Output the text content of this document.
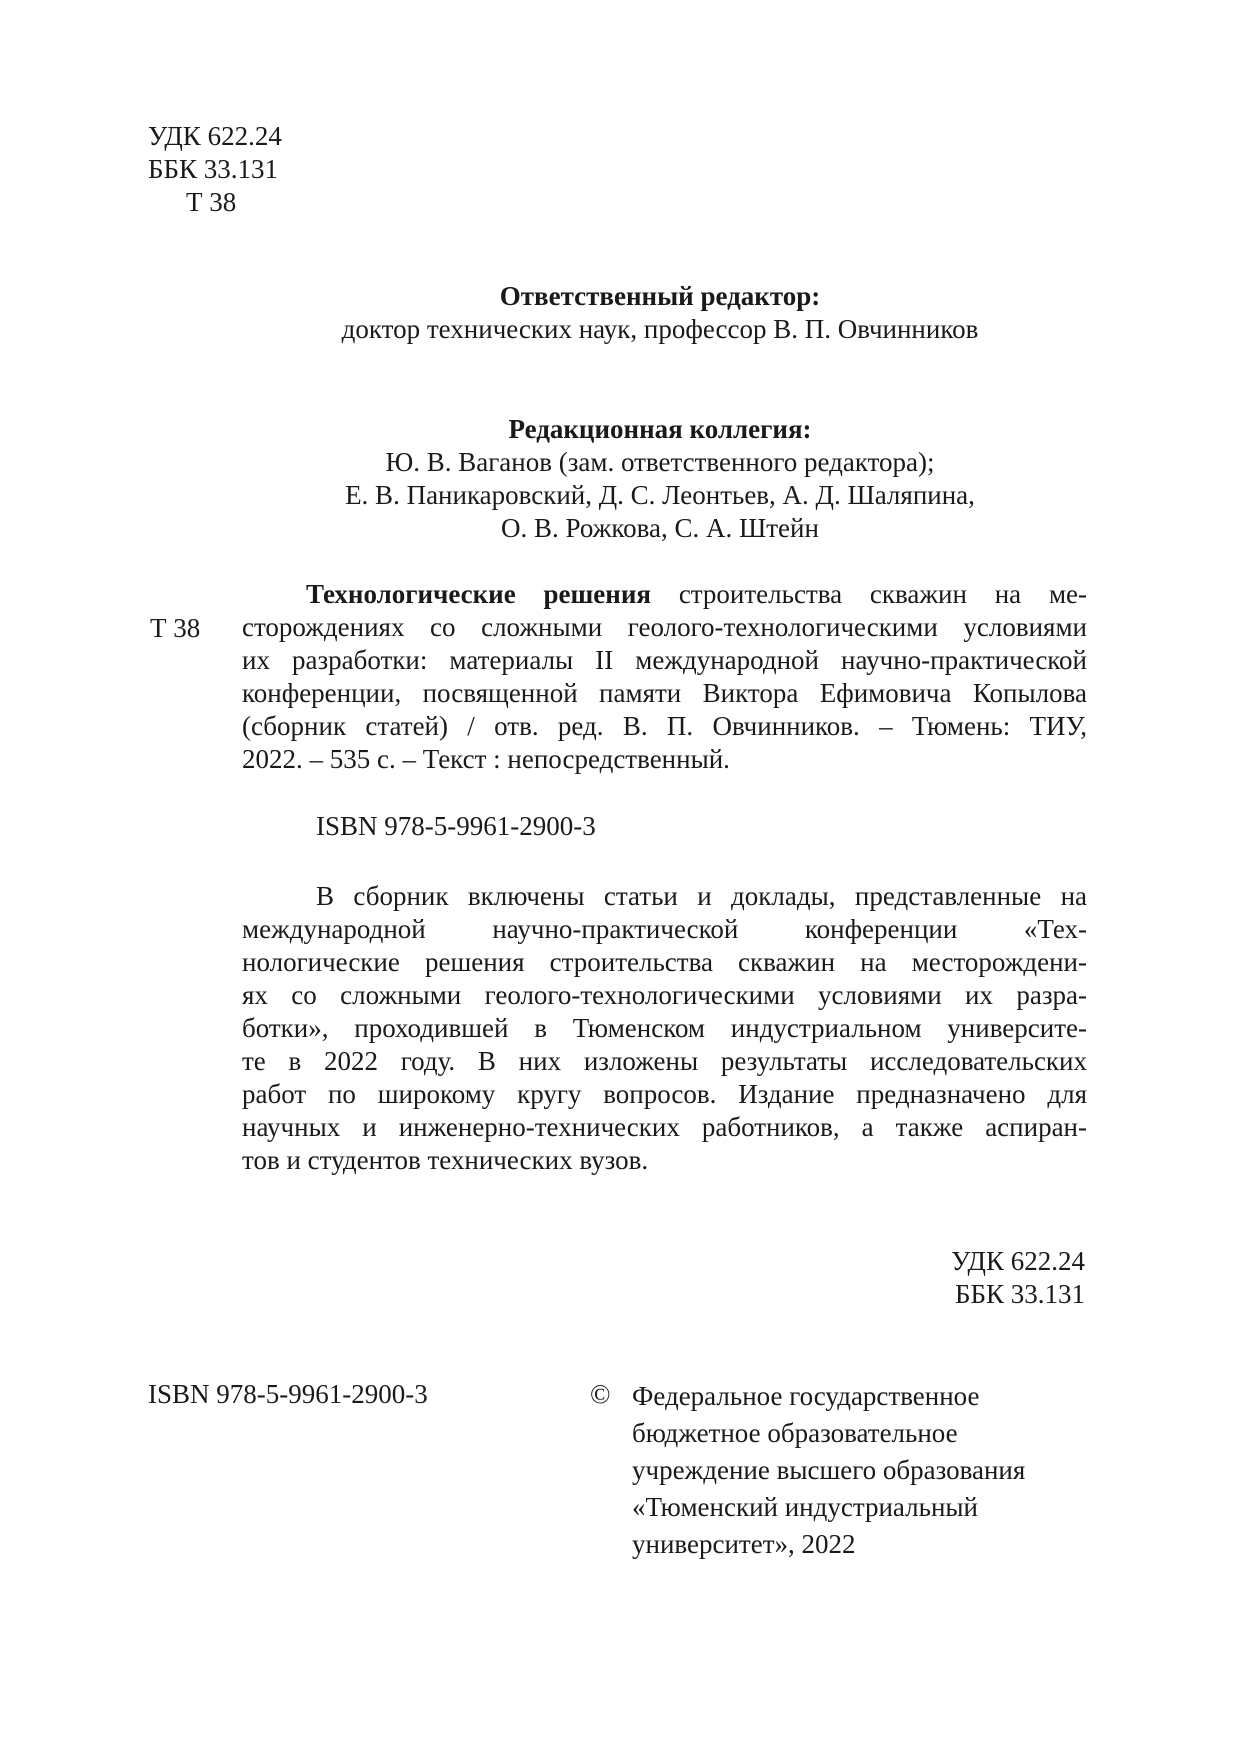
УДК 622.24
ББК 33.131
Т 38
Ответственный редактор:
доктор технических наук, профессор В. П. Овчинников
Редакционная коллегия:
Ю. В. Ваганов (зам. ответственного редактора);
Е. В. Паникаровский, Д. С. Леонтьев, А. Д. Шаляпина,
О. В. Рожкова, С. А. Штейн
Т 38
Технологические решения строительства скважин на ме-
сторождениях со сложными геолого-технологическими условиями
их разработки: материалы II международной научно-практической
конференции, посвященной памяти Виктора Ефимовича Копылова
(сборник статей) / отв. ред. В. П. Овчинников. – Тюмень: ТИУ,
2022. – 535 с. – Текст : непосредственный.
ISBN 978-5-9961-2900-3
В сборник включены статьи и доклады, представленные на
международной научно-практической конференции «Тех-
нологические решения строительства скважин на месторождени-
ях со сложными геолого-технологическими условиями их разра-
ботки», проходившей в Тюменском индустриальном университе-
те в 2022 году. В них изложены результаты исследовательских
работ по широкому кругу вопросов. Издание предназначено для
научных и инженерно-технических работников, а также аспиран-
тов и студентов технических вузов.
УДК 622.24
ББК 33.131
ISBN 978-5-9961-2900-3	© Федеральное государственное
бюджетное образовательное
учреждение высшего образования
«Тюменский индустриальный
университет», 2022
